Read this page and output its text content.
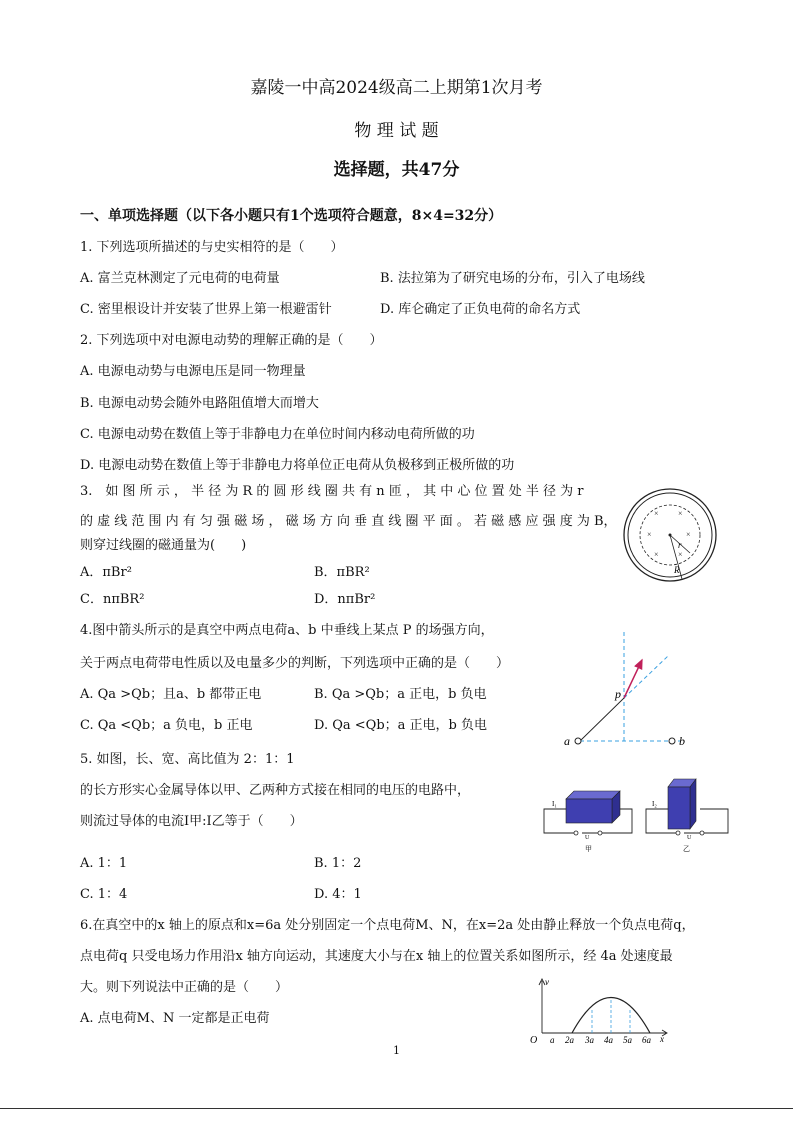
嘉陵一中高2024级高二上期第1次月考
物 理 试 题
选择题，共47分
一、单项选择题（以下各小题只有1个选项符合题意，8×4=32分）
1. 下列选项所描述的与史实相符的是（　　）
A. 富兰克林测定了元电荷的电荷量	B. 法拉第为了研究电场的分布，引入了电场线
C. 密里根设计并安装了世界上第一根避雷针	D. 库仑确定了正负电荷的命名方式
2. 下列选项中对电源电动势的理解正确的是（　　）
A. 电源电动势与电源电压是同一物理量
B. 电源电动势会随外电路阻值增大而增大
C. 电源电动势在数值上等于非静电力在单位时间内移动电荷所做的功
D. 电源电动势在数值上等于非静电力将单位正电荷从负极移到正极所做的功
3.　如 图 所 示 ， 半 径 为 R 的 圆 形 线 圈 共 有 n 匝 ， 其 中 心 位 置 处 半 径 为 r
的 虚 线 范 围 内 有 匀 强 磁 场 ， 磁 场 方 向 垂 直 线 圈 平 面 。 若 磁 感 应 强 度 为 B，
则穿过线圈的磁通量为(　　)
A．πBr²	B．πBR²
C．nπBR²	D．nπBr²
× ×
×	×
× ×
r
R
4.图中箭头所示的是真空中两点电荷a、b 中垂线上某点 P 的场强方向，
关于两点电荷带电性质以及电量多少的判断，下列选项中正确的是（　　）
A. Qa >Qb；且a、b 都带正电	B. Qa >Qb；a 正电，b 负电
C. Qa <Qb；a 负电，b 正电	D. Qa <Qb；a 正电，b 负电
p
a	b
5. 如图，长、宽、高比值为 2：1：1
的长方形实心金属导体以甲、乙两种方式接在相同的电压的电路中，
则流过导体的电流I甲:I乙等于（　　）
A. 1：1	B. 1：2
C. 1：4	D. 4：1
I₁
U
甲
I₂
U
乙
6.在真空中的x 轴上的原点和x=6a 处分别固定一个点电荷M、N，在x=2a 处由静止释放一个负点电荷q，
点电荷q 只受电场力作用沿x 轴方向运动，其速度大小与在x 轴上的位置关系如图所示，经 4a 处速度最
大。则下列说法中正确的是（　　）
A. 点电荷M、N 一定都是正电荷
v
O	x
a 2a 3a 4a 5a 6a
1
